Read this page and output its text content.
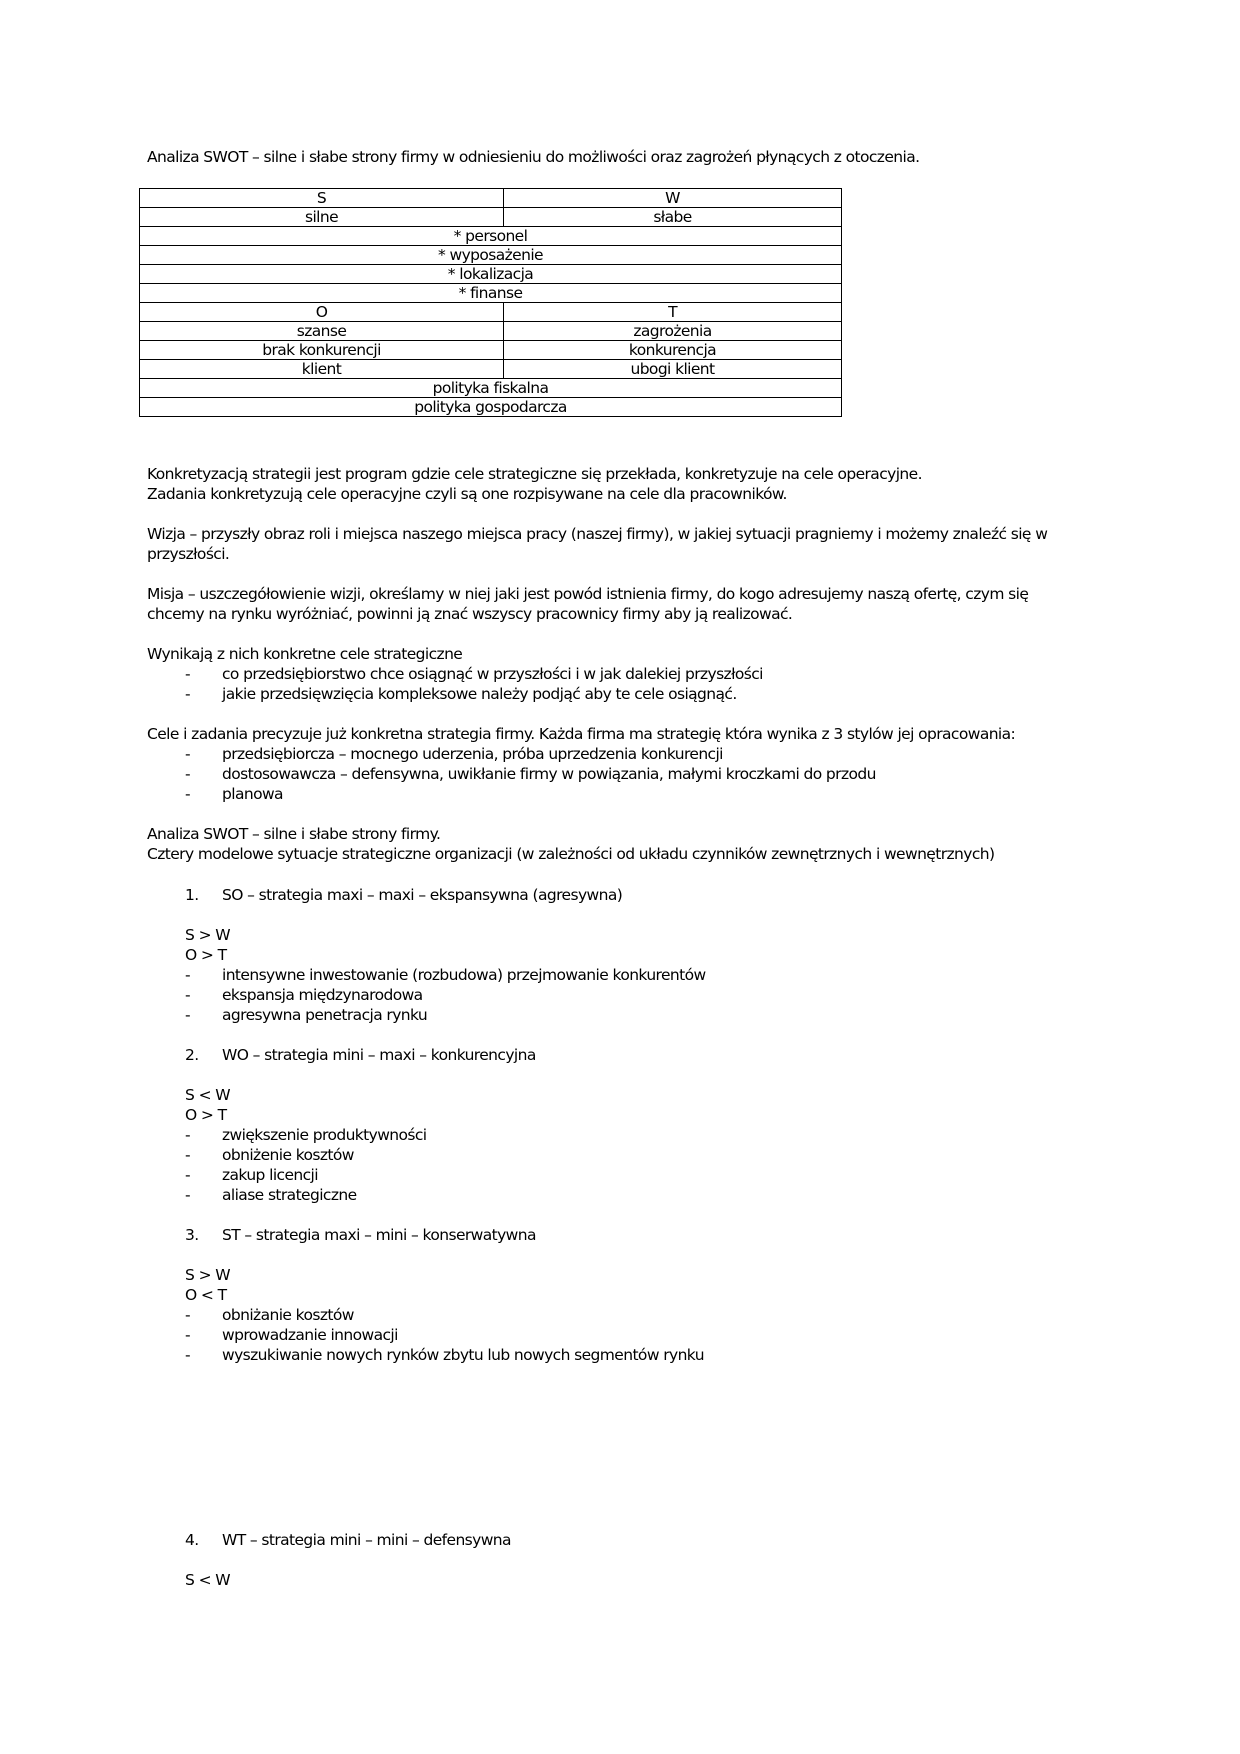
Analiza SWOT – silne i słabe strony firmy w odniesieniu do możliwości oraz zagrożeń płynących z otoczenia.
S	W
silne	słabe
* personel	
* wyposażenie	
* lokalizacja	
* finanse	
O	T
szanse	zagrożenia
brak konkurencji	konkurencja
klient	ubogi klient
polityka fiskalna	
polityka gospodarcza	
Konkretyzacją strategii jest program gdzie cele strategiczne się przekłada, konkretyzuje na cele operacyjne.
Zadania konkretyzują cele operacyjne czyli są one rozpisywane na cele dla pracowników.
Wizja – przyszły obraz roli i miejsca naszego miejsca pracy (naszej firmy), w jakiej sytuacji pragniemy i możemy znaleźć się w przyszłości.
Misja – uszczegółowienie wizji, określamy w niej jaki jest powód istnienia firmy, do kogo adresujemy naszą ofertę, czym się chcemy na rynku wyróżniać, powinni ją znać wszyscy pracownicy firmy aby ją realizować.
Wynikają z nich konkretne cele strategiczne
- co przedsiębiorstwo chce osiągnąć w przyszłości i w jak dalekiej przyszłości
- jakie przedsięwzięcia kompleksowe należy podjąć aby te cele osiągnąć.
Cele i zadania precyzuje już konkretna strategia firmy. Każda firma ma strategię która wynika z 3 stylów jej opracowania:
- przedsiębiorcza – mocnego uderzenia, próba uprzedzenia konkurencji
- dostosowawcza – defensywna, uwikłanie firmy w powiązania, małymi kroczkami do przodu
- planowa
Analiza SWOT – silne i słabe strony firmy.
Cztery modelowe sytuacje strategiczne organizacji (w zależności od układu czynników zewnętrznych i wewnętrznych)
1. SO – strategia maxi – maxi – ekspansywna (agresywna)
S > W
O > T
- intensywne inwestowanie (rozbudowa) przejmowanie konkurentów
- ekspansja międzynarodowa
- agresywna penetracja rynku
2. WO – strategia mini – maxi – konkurencyjna
S < W
O > T
- zwiększenie produktywności
- obniżenie kosztów
- zakup licencji
- aliase strategiczne
3. ST – strategia maxi – mini – konserwatywna
S > W
O < T
- obniżanie kosztów
- wprowadzanie innowacji
- wyszukiwanie nowych rynków zbytu lub nowych segmentów rynku
4. WT – strategia mini – mini – defensywna
S < W
